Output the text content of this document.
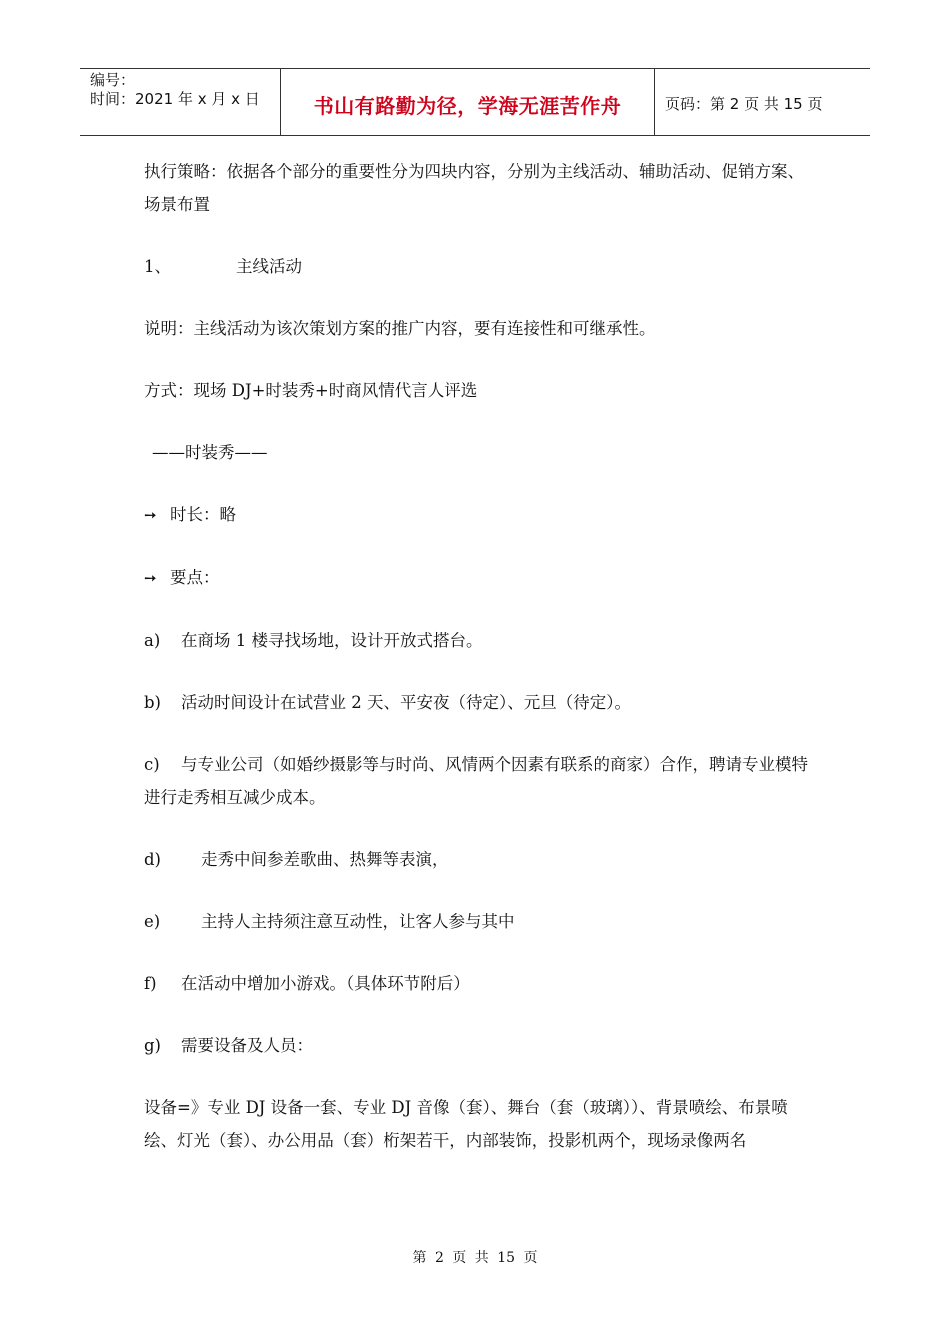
编号：
时间：2021 年 x 月 x 日	书山有路勤为径，学海无涯苦作舟	页码：第 2 页 共 15 页

执行策略：依据各个部分的重要性分为四块内容，分别为主线活动、辅助活动、促销方案、场景布置

1、	主线活动

说明：主线活动为该次策划方案的推广内容，要有连接性和可继承性。

方式：现场 DJ+时装秀+时商风情代言人评选

——时装秀——

➙ 时长：略

➙ 要点：

a) 在商场 1 楼寻找场地，设计开放式搭台。

b) 活动时间设计在试营业 2 天、平安夜（待定）、元旦（待定）。

c) 与专业公司（如婚纱摄影等与时尚、风情两个因素有联系的商家）合作，聘请专业模特进行走秀相互减少成本。

d) 走秀中间参差歌曲、热舞等表演，

e) 主持人主持须注意互动性，让客人参与其中

f) 在活动中增加小游戏。（具体环节附后）

g) 需要设备及人员：

设备=》专业 DJ 设备一套、专业 DJ 音像（套）、舞台（套（玻璃））、背景喷绘、布景喷绘、灯光（套）、办公用品（套）桁架若干，内部装饰，投影机两个，现场录像两名

第 2 页 共 15 页
